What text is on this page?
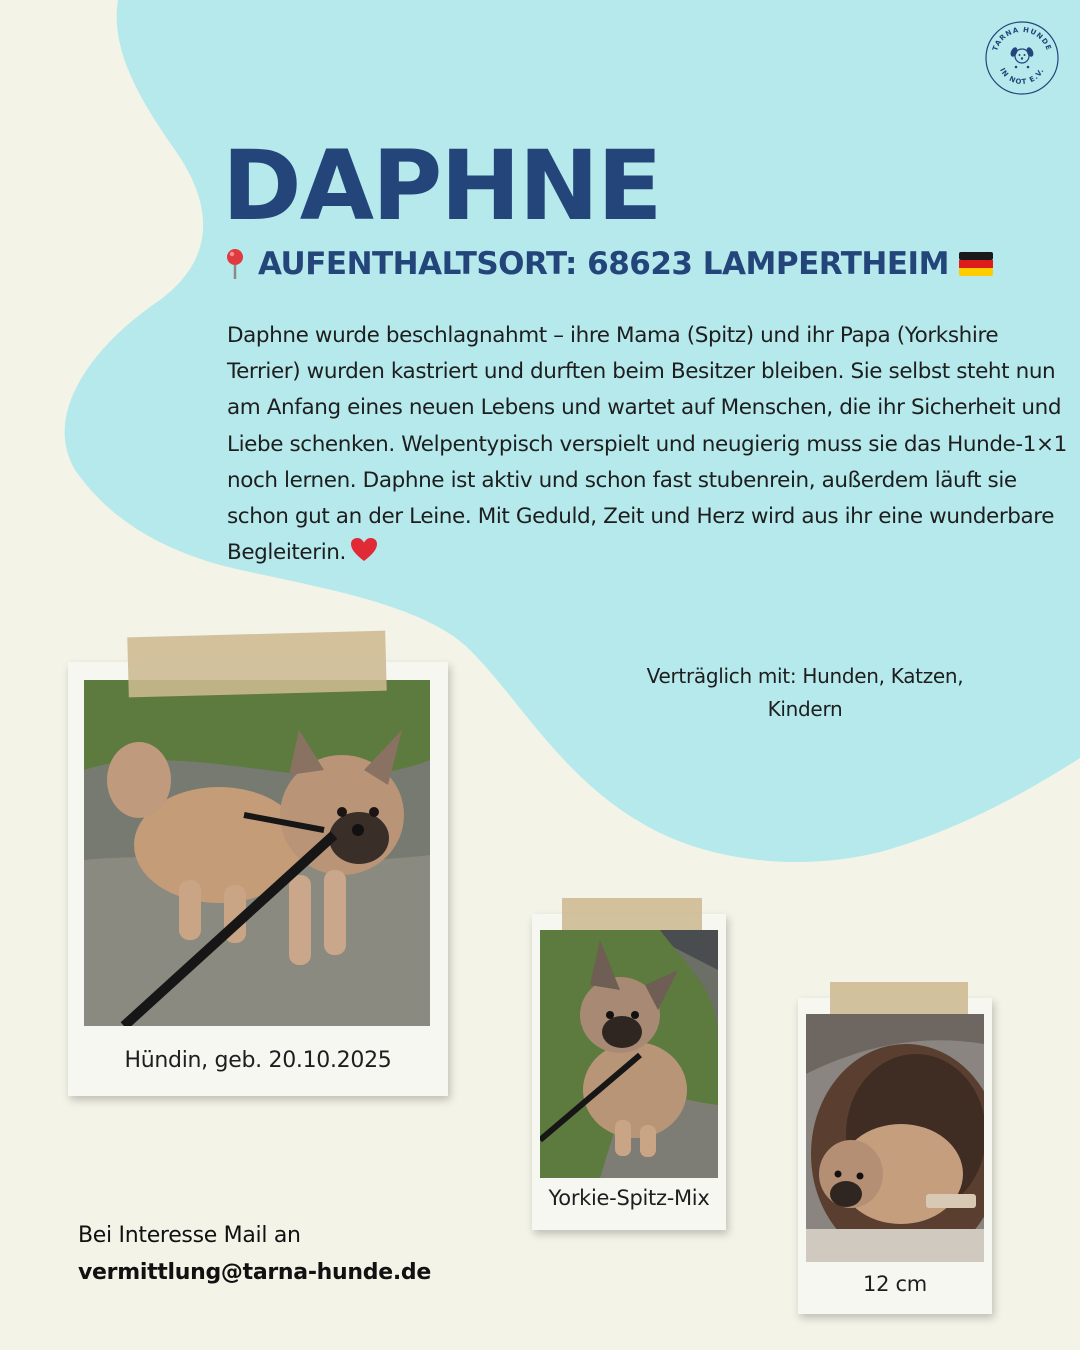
TARNA HUNDE
IN NOT E.V.
DAPHNE
AUFENTHALTSORT: 68623 LAMPERTHEIM

Daphne wurde beschlagnahmt – ihre Mama (Spitz) und ihr Papa (Yorkshire Terrier) wurden kastriert und durften beim Besitzer bleiben. Sie selbst steht nun am Anfang eines neuen Lebens und wartet auf Menschen, die ihr Sicherheit und Liebe schenken. Welpentypisch verspielt und neugierig muss sie das Hunde-1×1 noch lernen. Daphne ist aktiv und schon fast stubenrein, außerdem läuft sie schon gut an der Leine. Mit Geduld, Zeit und Herz wird aus ihr eine wunderbare Begleiterin.

Verträglich mit: Hunden, Katzen,
Kindern
Hündin, geb. 20.10.2025
Yorkie-Spitz-Mix
12 cm
Bei Interesse Mail an
vermittlung@tarna-hunde.de
